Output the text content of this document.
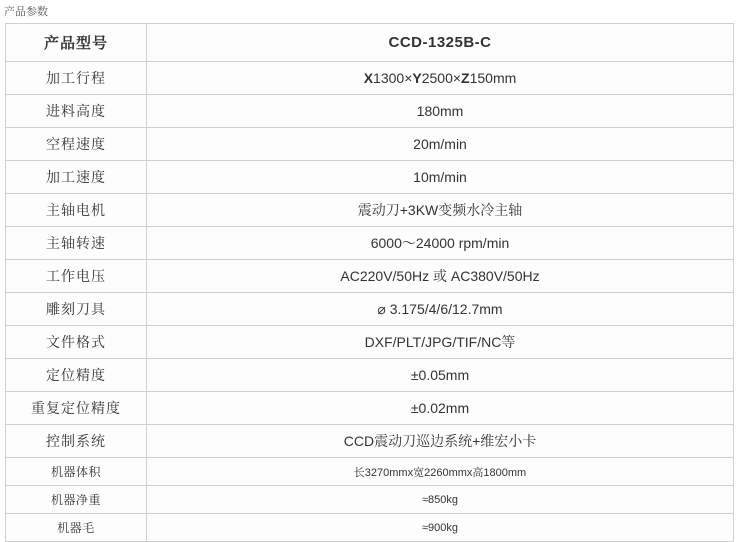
产品参数
产品型号	CCD-1325B-C
加工行程	X1300×Y2500×Z150mm
进料高度	180mm
空程速度	20m/min
加工速度	10m/min
主轴电机	震动刀+3KW变频水冷主轴
主轴转速	6000～24000 rpm/min
工作电压	AC220V/50Hz 或 AC380V/50Hz
雕刻刀具	⌀ 3.175/4/6/12.7mm
文件格式	DXF/PLT/JPG/TIF/NC等
定位精度	±0.05mm
重复定位精度	±0.02mm
控制系统	CCD震动刀巡边系统+维宏小卡
机器体积	长3270mmx宽2260mmx高1800mm
机器净重	≈850kg
机器毛	≈900kg
